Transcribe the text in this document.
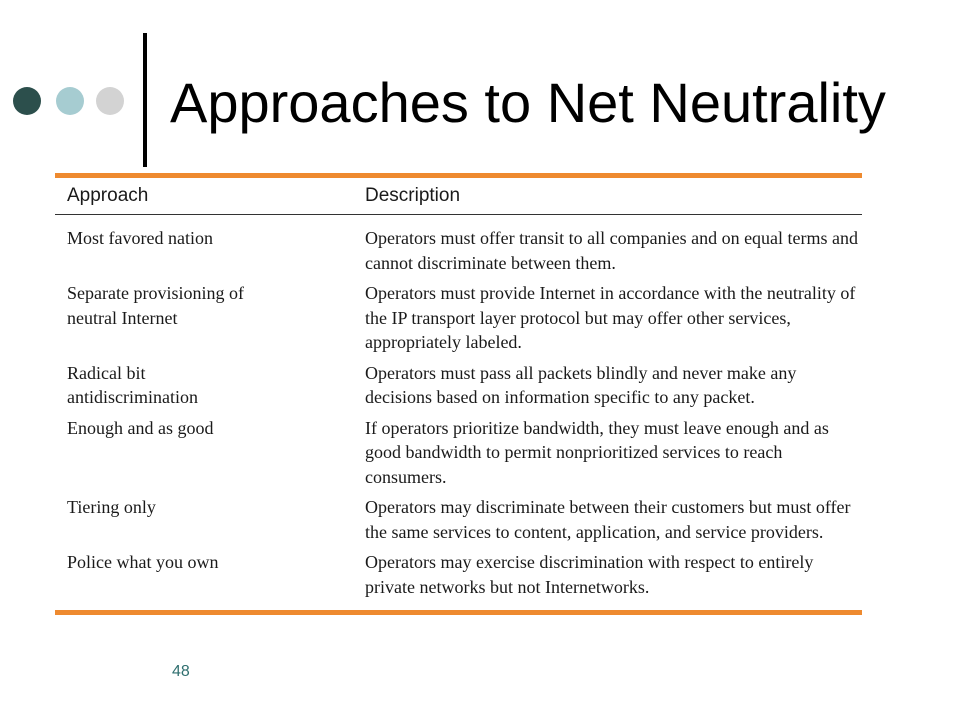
Approaches to Net Neutrality
Approach	Description
Most favored nation	Operators must offer transit to all companies and on equal terms and cannot discriminate between them.
Separate provisioning of neutral Internet	Operators must provide Internet in accordance with the neutrality of the IP transport layer protocol but may offer other services, appropriately labeled.
Radical bit antidiscrimination	Operators must pass all packets blindly and never make any decisions based on information specific to any packet.
Enough and as good	If operators prioritize bandwidth, they must leave enough and as good bandwidth to permit nonprioritized services to reach consumers.
Tiering only	Operators may discriminate between their customers but must offer the same services to content, application, and service providers.
Police what you own	Operators may exercise discrimination with respect to entirely private networks but not Internetworks.
48
